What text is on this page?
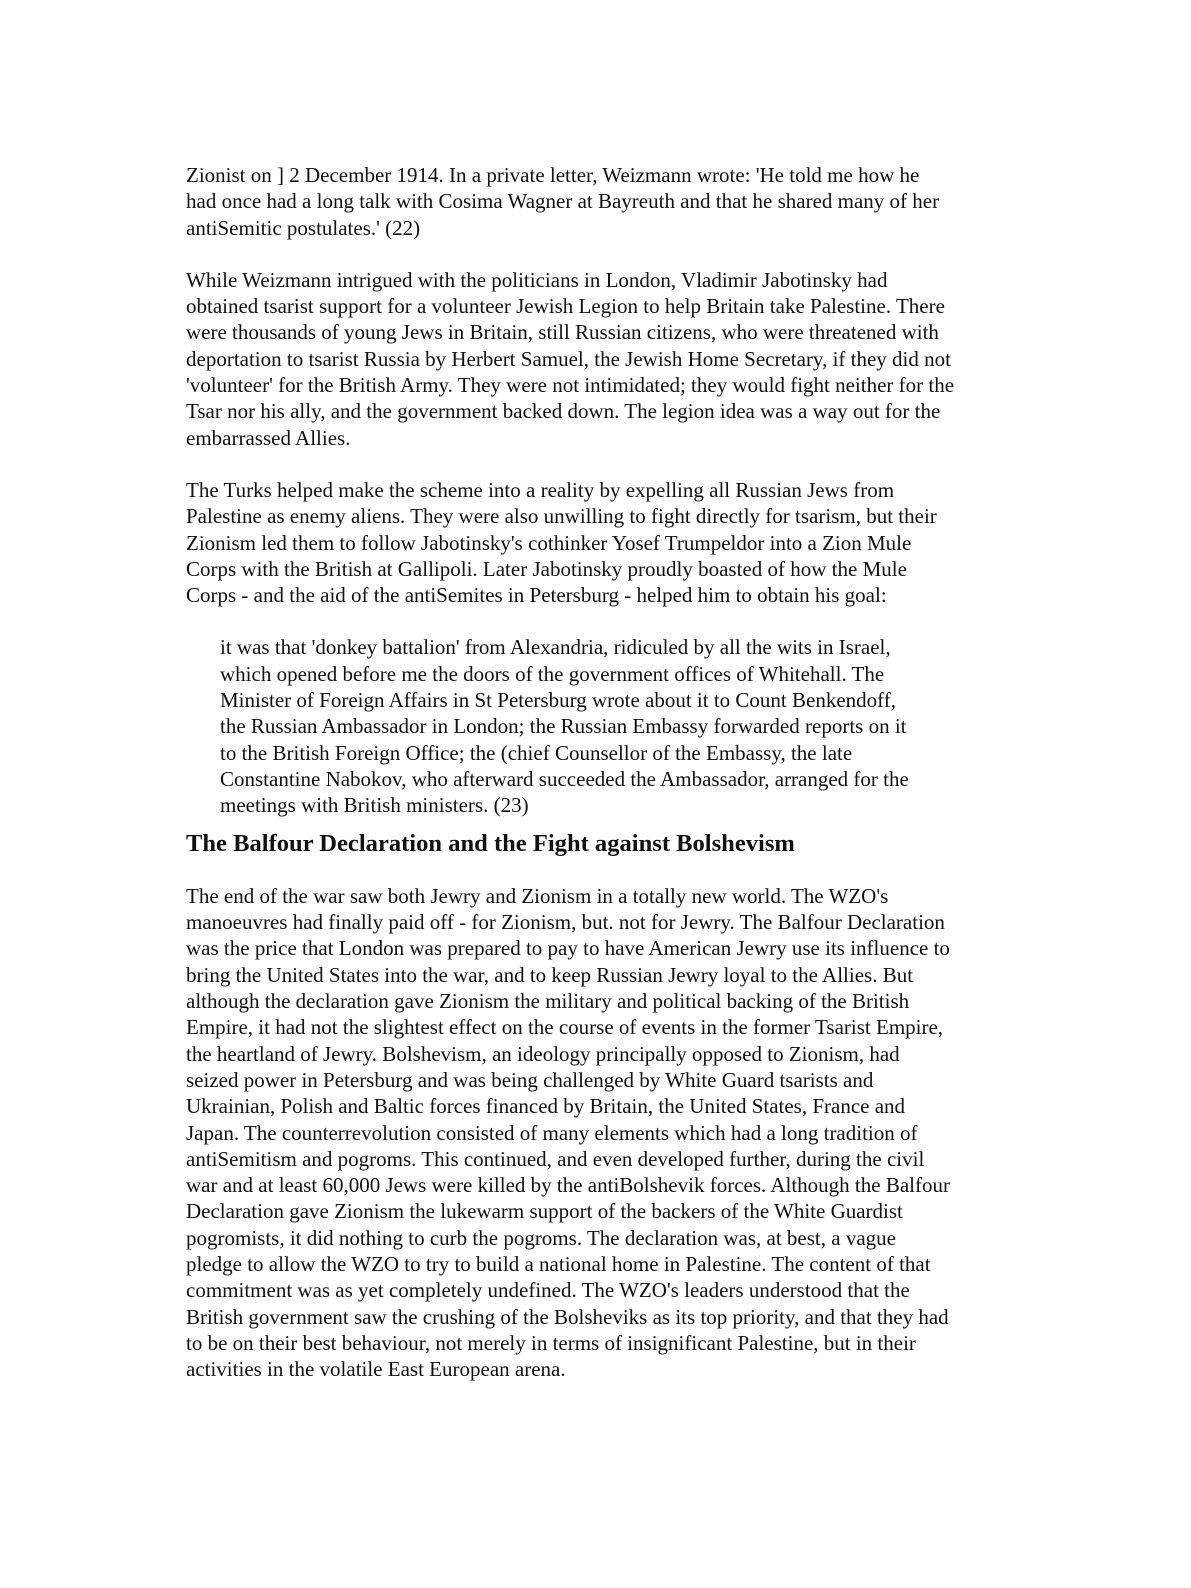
Zionist on ] 2 December 1914. In a private letter, Weizmann wrote: 'He told me how he
had once had a long talk with Cosima Wagner at Bayreuth and that he shared many of her
antiSemitic postulates.' (22)

While Weizmann intrigued with the politicians in London, Vladimir Jabotinsky had
obtained tsarist support for a volunteer Jewish Legion to help Britain take Palestine. There
were thousands of young Jews in Britain, still Russian citizens, who were threatened with
deportation to tsarist Russia by Herbert Samuel, the Jewish Home Secretary, if they did not
'volunteer' for the British Army. They were not intimidated; they would fight neither for the
Tsar nor his ally, and the government backed down. The legion idea was a way out for the
embarrassed Allies.

The Turks helped make the scheme into a reality by expelling all Russian Jews from
Palestine as enemy aliens. They were also unwilling to fight directly for tsarism, but their
Zionism led them to follow Jabotinsky's cothinker Yosef Trumpeldor into a Zion Mule
Corps with the British at Gallipoli. Later Jabotinsky proudly boasted of how the Mule
Corps - and the aid of the antiSemites in Petersburg - helped him to obtain his goal:

it was that 'donkey battalion' from Alexandria, ridiculed by all the wits in Israel,
which opened before me the doors of the government offices of Whitehall. The
Minister of Foreign Affairs in St Petersburg wrote about it to Count Benkendoff,
the Russian Ambassador in London; the Russian Embassy forwarded reports on it
to the British Foreign Office; the (chief Counsellor of the Embassy, the late
Constantine Nabokov, who afterward succeeded the Ambassador, arranged for the
meetings with British ministers. (23)
The Balfour Declaration and the Fight against Bolshevism

The end of the war saw both Jewry and Zionism in a totally new world. The WZO's
manoeuvres had finally paid off - for Zionism, but. not for Jewry. The Balfour Declaration
was the price that London was prepared to pay to have American Jewry use its influence to
bring the United States into the war, and to keep Russian Jewry loyal to the Allies. But
although the declaration gave Zionism the military and political backing of the British
Empire, it had not the slightest effect on the course of events in the former Tsarist Empire,
the heartland of Jewry. Bolshevism, an ideology principally opposed to Zionism, had
seized power in Petersburg and was being challenged by White Guard tsarists and
Ukrainian, Polish and Baltic forces financed by Britain, the United States, France and
Japan. The counterrevolution consisted of many elements which had a long tradition of
antiSemitism and pogroms. This continued, and even developed further, during the civil
war and at least 60,000 Jews were killed by the antiBolshevik forces. Although the Balfour
Declaration gave Zionism the lukewarm support of the backers of the White Guardist
pogromists, it did nothing to curb the pogroms. The declaration was, at best, a vague
pledge to allow the WZO to try to build a national home in Palestine. The content of that
commitment was as yet completely undefined. The WZO's leaders understood that the
British government saw the crushing of the Bolsheviks as its top priority, and that they had
to be on their best behaviour, not merely in terms of insignificant Palestine, but in their
activities in the volatile East European arena.
